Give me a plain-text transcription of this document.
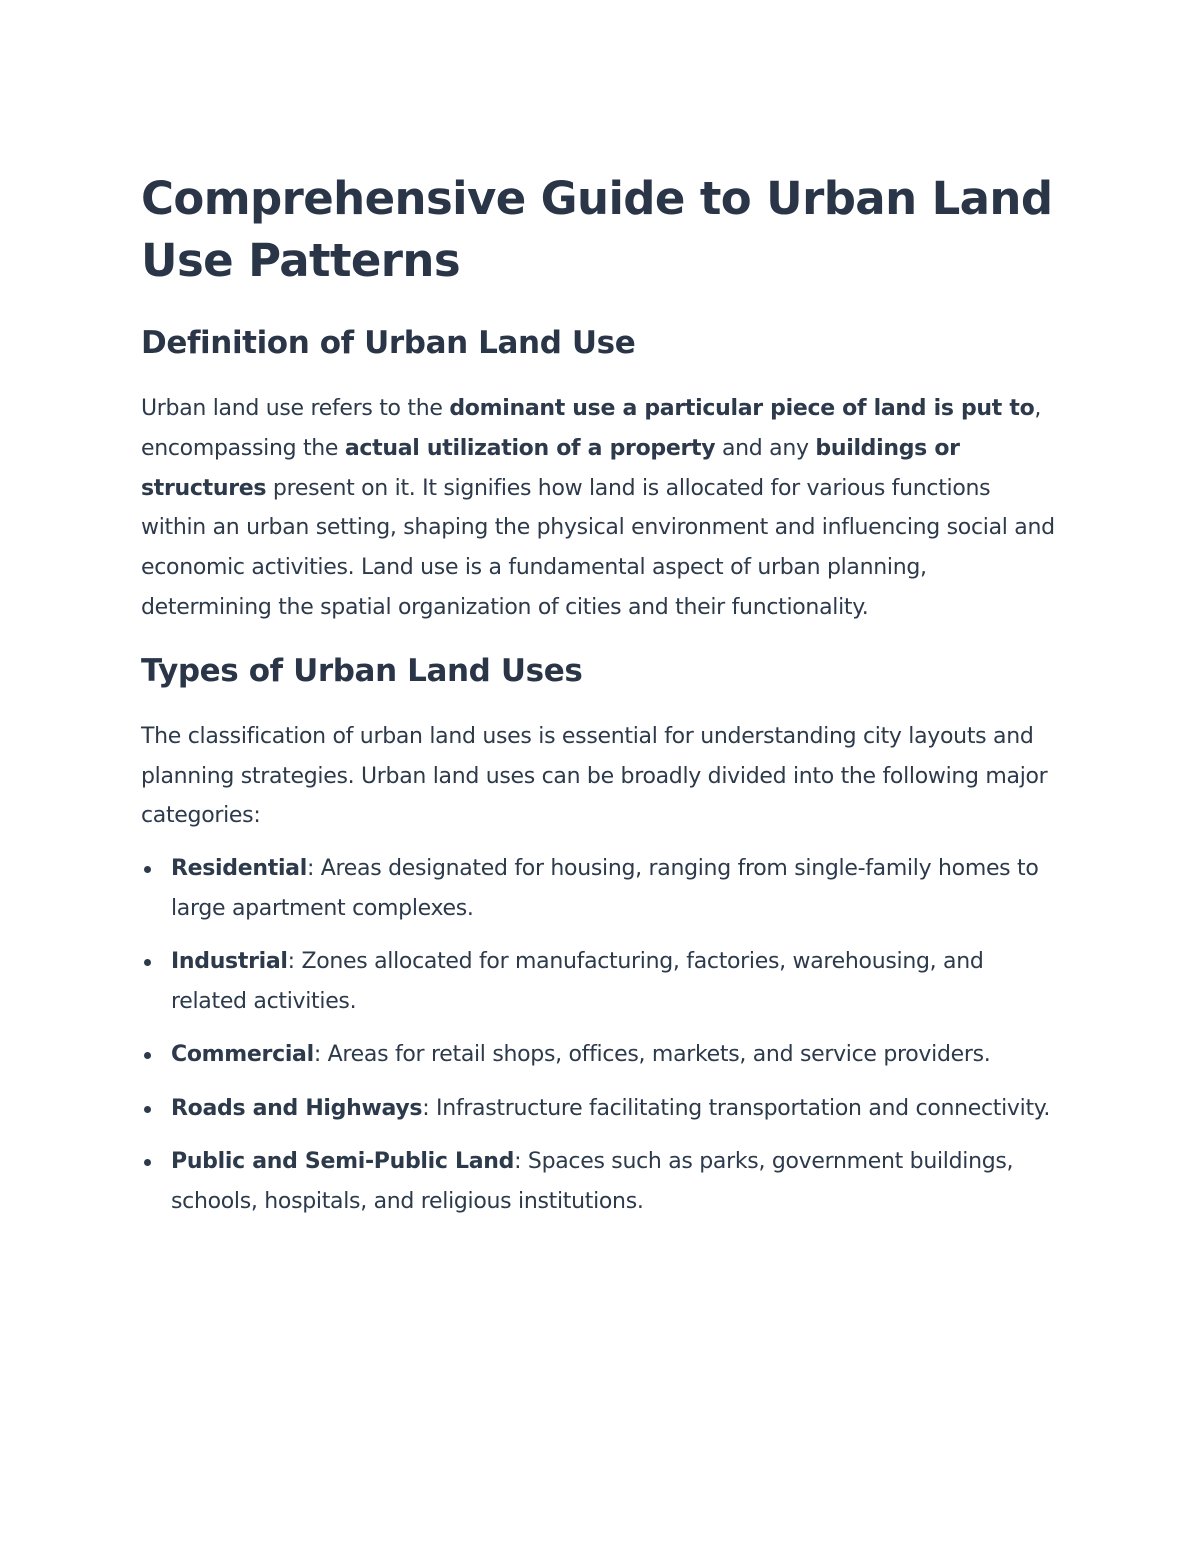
Comprehensive Guide to Urban Land Use Patterns
Definition of Urban Land Use

Urban land use refers to the dominant use a particular piece of land is put to, encompassing the actual utilization of a property and any buildings or structures present on it. It signifies how land is allocated for various functions within an urban setting, shaping the physical environment and influencing social and economic activities. Land use is a fundamental aspect of urban planning, determining the spatial organization of cities and their functionality.

Types of Urban Land Uses

The classification of urban land uses is essential for understanding city layouts and planning strategies. Urban land uses can be broadly divided into the following major categories:

Residential: Areas designated for housing, ranging from single-family homes to large apartment complexes.
Industrial: Zones allocated for manufacturing, factories, warehousing, and related activities.
Commercial: Areas for retail shops, offices, markets, and service providers.
Roads and Highways: Infrastructure facilitating transportation and connectivity.
Public and Semi-Public Land: Spaces such as parks, government buildings, schools, hospitals, and religious institutions.
